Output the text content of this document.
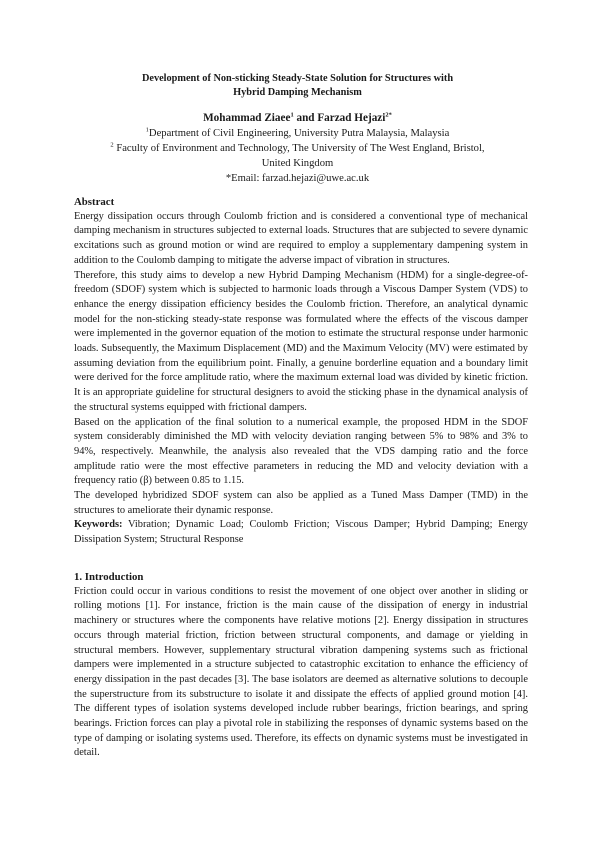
Development of Non-sticking Steady-State Solution for Structures with
Hybrid Damping Mechanism
Mohammad Ziaee$^1$ and Farzad Hejazi$^{2*}$
$^1$Department of Civil Engineering, University Putra Malaysia, Malaysia
$^2$ Faculty of Environment and Technology, The University of The West England, Bristol, United Kingdom
*Email: farzad.hejazi@uwe.ac.uk
Abstract

Energy dissipation occurs through Coulomb friction and is considered a conventional type of mechanical damping mechanism in structures subjected to external loads. Structures that are subjected to severe dynamic excitations such as ground motion or wind are required to employ a supplementary dampening system in addition to the Coulomb damping to mitigate the adverse impact of vibration in structures.

Therefore, this study aims to develop a new Hybrid Damping Mechanism (HDM) for a single-degree-of-freedom (SDOF) system which is subjected to harmonic loads through a Viscous Damper System (VDS) to enhance the energy dissipation efficiency besides the Coulomb friction. Therefore, an analytical dynamic model for the non-sticking steady-state response was formulated where the effects of the viscous damper were implemented in the governor equation of the motion to estimate the structural response under harmonic loads. Subsequently, the Maximum Displacement (MD) and the Maximum Velocity (MV) were estimated by assuming deviation from the equilibrium point. Finally, a genuine borderline equation and a boundary limit were derived for the force amplitude ratio, where the maximum external load was divided by kinetic friction. It is an appropriate guideline for structural designers to avoid the sticking phase in the dynamical analysis of the structural systems equipped with frictional dampers.

Based on the application of the final solution to a numerical example, the proposed HDM in the SDOF system considerably diminished the MD with velocity deviation ranging between 5% to 98% and 3% to 94%, respectively. Meanwhile, the analysis also revealed that the VDS damping ratio and the force amplitude ratio were the most effective parameters in reducing the MD and velocity deviation with a frequency ratio (β) between 0.85 to 1.15.

The developed hybridized SDOF system can also be applied as a Tuned Mass Damper (TMD) in the structures to ameliorate their dynamic response.

Keywords: Vibration; Dynamic Load; Coulomb Friction; Viscous Damper; Hybrid Damping; Energy Dissipation System; Structural Response

1. Introduction

Friction could occur in various conditions to resist the movement of one object over another in sliding or rolling motions [1]. For instance, friction is the main cause of the dissipation of energy in industrial machinery or structures where the components have relative motions [2]. Energy dissipation in structures occurs through material friction, friction between structural components, and damage or yielding in structural members. However, supplementary structural vibration dampening systems such as frictional dampers were implemented in a structure subjected to catastrophic excitation to enhance the efficiency of energy dissipation in the past decades [3]. The base isolators are deemed as alternative solutions to decouple the superstructure from its substructure to isolate it and dissipate the effects of applied ground motion [4]. The different types of isolation systems developed include rubber bearings, friction bearings, and spring bearings. Friction forces can play a pivotal role in stabilizing the responses of dynamic systems based on the type of damping or isolating systems used. Therefore, its effects on dynamic systems must be investigated in detail.
